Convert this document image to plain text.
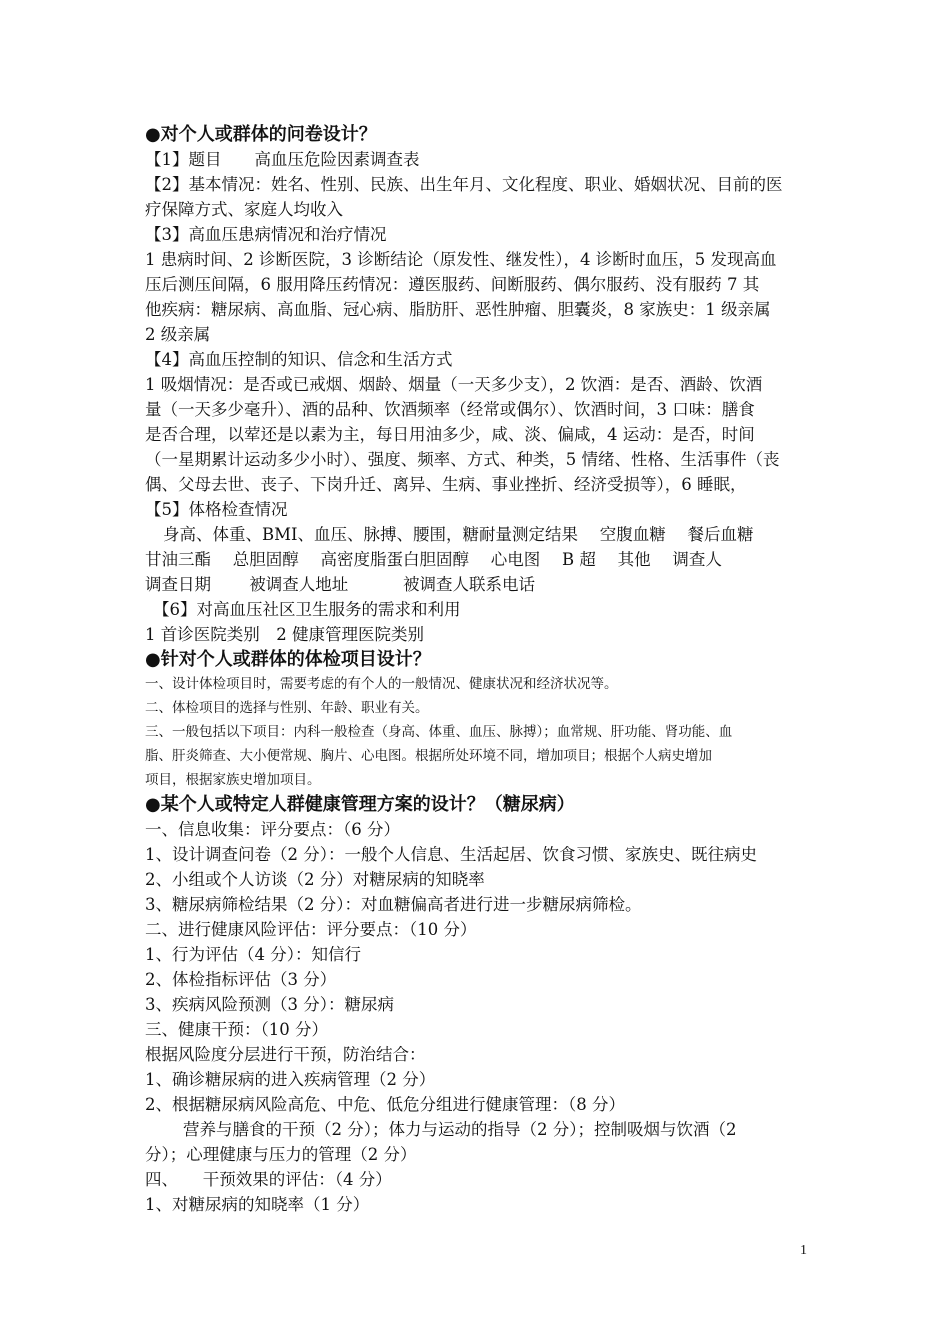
●对个人或群体的问卷设计？
【1】题目　　高血压危险因素调查表
【2】基本情况：姓名、性别、民族、出生年月、文化程度、职业、婚姻状况、目前的医
疗保障方式、家庭人均收入
【3】高血压患病情况和治疗情况
1 患病时间、2 诊断医院，3 诊断结论（原发性、继发性），4 诊断时血压，5 发现高血
压后测压间隔，6 服用降压药情况：遵医服药、间断服药、偶尔服药、没有服药 7 其
他疾病：糖尿病、高血脂、冠心病、脂肪肝、恶性肿瘤、胆囊炎，8 家族史：1 级亲属
2 级亲属
【4】高血压控制的知识、信念和生活方式
1 吸烟情况：是否或已戒烟、烟龄、烟量（一天多少支），2 饮酒：是否、酒龄、饮酒
量（一天多少毫升）、酒的品种、饮酒频率（经常或偶尔）、饮酒时间，3 口味：膳食
是否合理，以荤还是以素为主，每日用油多少，咸、淡、偏咸，4 运动：是否，时间
（一星期累计运动多少小时）、强度、频率、方式、种类，5 情绪、性格、生活事件（丧
偶、父母去世、丧子、下岗升迁、离异、生病、事业挫折、经济受损等），6 睡眠，
【5】体格检查情况
身高、体重、BMI、血压、脉搏、腰围，糖耐量测定结果　 空腹血糖　 餐后血糖
甘油三酯　 总胆固醇　 高密度脂蛋白胆固醇　 心电图　 B 超　 其他　 调查人
调查日期　　 被调查人地址　　　 被调查人联系电话
【6】对高血压社区卫生服务的需求和利用
1 首诊医院类别　2 健康管理医院类别
●针对个人或群体的体检项目设计？
一、设计体检项目时，需要考虑的有个人的一般情况、健康状况和经济状况等。
二、体检项目的选择与性别、年龄、职业有关。
三、一般包括以下项目：内科一般检查（身高、体重、血压、脉搏）；血常规、肝功能、肾功能、血
脂、肝炎筛查、大小便常规、胸片、心电图。根据所处环境不同，增加项目；根据个人病史增加
项目，根据家族史增加项目。
●某个人或特定人群健康管理方案的设计？（糖尿病）
一、信息收集：评分要点：（6 分）
1、设计调查问卷（2 分）：一般个人信息、生活起居、饮食习惯、家族史、既往病史
2、小组或个人访谈（2 分）对糖尿病的知晓率
3、糖尿病筛检结果（2 分）：对血糖偏高者进行进一步糖尿病筛检。
二、进行健康风险评估：评分要点：（10 分）
1、行为评估（4 分）：知信行
2、体检指标评估（3 分）
3、疾病风险预测（3 分）：糖尿病
三、健康干预：（10 分）
根据风险度分层进行干预，防治结合：
1、确诊糖尿病的进入疾病管理（2 分）
2、根据糖尿病风险高危、中危、低危分组进行健康管理：（8 分）
营养与膳食的干预（2 分）；体力与运动的指导（2 分）；控制吸烟与饮酒（2
分）；心理健康与压力的管理（2 分）
四、　　干预效果的评估：（4 分）
1、对糖尿病的知晓率（1 分）
1
